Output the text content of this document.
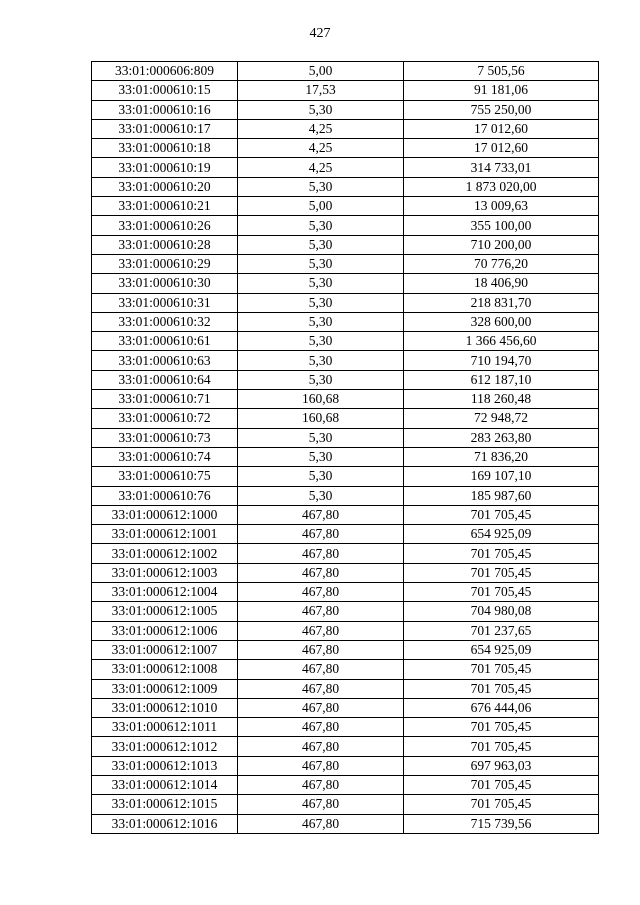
427
33:01:000606:809	5,00	7 505,56
33:01:000610:15	17,53	91 181,06
33:01:000610:16	5,30	755 250,00
33:01:000610:17	4,25	17 012,60
33:01:000610:18	4,25	17 012,60
33:01:000610:19	4,25	314 733,01
33:01:000610:20	5,30	1 873 020,00
33:01:000610:21	5,00	13 009,63
33:01:000610:26	5,30	355 100,00
33:01:000610:28	5,30	710 200,00
33:01:000610:29	5,30	70 776,20
33:01:000610:30	5,30	18 406,90
33:01:000610:31	5,30	218 831,70
33:01:000610:32	5,30	328 600,00
33:01:000610:61	5,30	1 366 456,60
33:01:000610:63	5,30	710 194,70
33:01:000610:64	5,30	612 187,10
33:01:000610:71	160,68	118 260,48
33:01:000610:72	160,68	72 948,72
33:01:000610:73	5,30	283 263,80
33:01:000610:74	5,30	71 836,20
33:01:000610:75	5,30	169 107,10
33:01:000610:76	5,30	185 987,60
33:01:000612:1000	467,80	701 705,45
33:01:000612:1001	467,80	654 925,09
33:01:000612:1002	467,80	701 705,45
33:01:000612:1003	467,80	701 705,45
33:01:000612:1004	467,80	701 705,45
33:01:000612:1005	467,80	704 980,08
33:01:000612:1006	467,80	701 237,65
33:01:000612:1007	467,80	654 925,09
33:01:000612:1008	467,80	701 705,45
33:01:000612:1009	467,80	701 705,45
33:01:000612:1010	467,80	676 444,06
33:01:000612:1011	467,80	701 705,45
33:01:000612:1012	467,80	701 705,45
33:01:000612:1013	467,80	697 963,03
33:01:000612:1014	467,80	701 705,45
33:01:000612:1015	467,80	701 705,45
33:01:000612:1016	467,80	715 739,56
